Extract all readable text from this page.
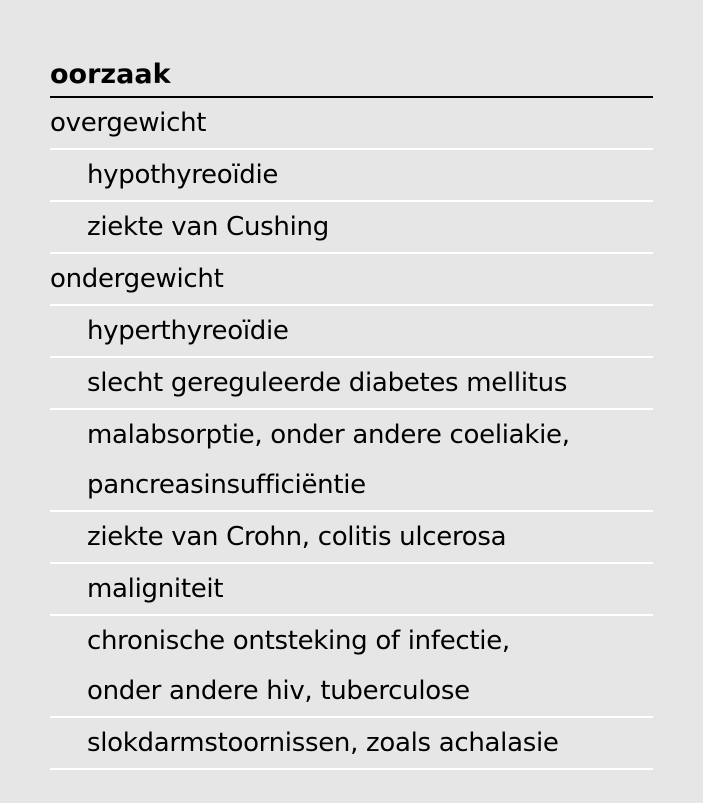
oorzaak
overgewicht
hypothyreoïdie
ziekte van Cushing
ondergewicht
hyperthyreoïdie
slecht gereguleerde diabetes mellitus
malabsorptie, onder andere coeliakie,
pancreasinsufficiëntie
ziekte van Crohn, colitis ulcerosa
maligniteit
chronische ontsteking of infectie,
onder andere hiv, tuberculose
slokdarmstoornissen, zoals achalasie
